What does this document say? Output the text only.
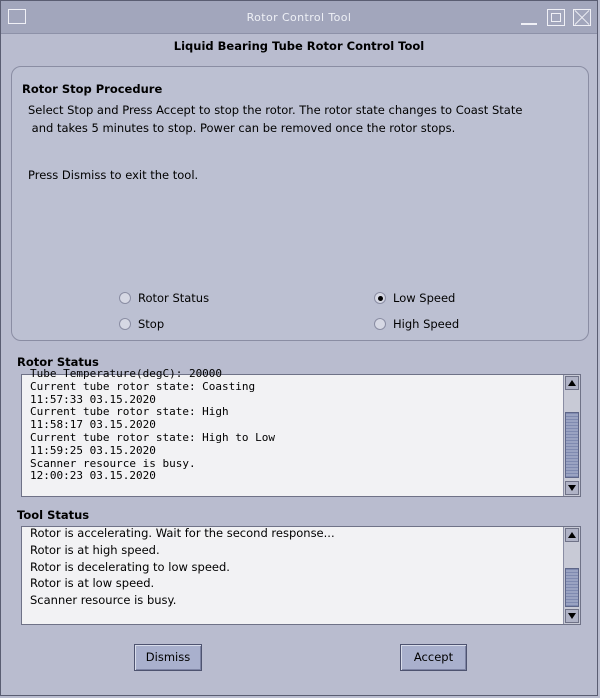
Rotor Control Tool
Liquid Bearing Tube Rotor Control Tool
Rotor Stop Procedure
Select Stop and Press Accept to stop the rotor. The rotor state changes to Coast State
and takes 5 minutes to stop. Power can be removed once the rotor stops.
Press Dismiss to exit the tool.
Rotor Status
Stop
Low Speed
High Speed
Rotor Status
Tube Temperature(degC): 20000
Current tube rotor state: Coasting
11:57:33 03.15.2020
Current tube rotor state: High
11:58:17 03.15.2020
Current tube rotor state: High to Low
11:59:25 03.15.2020
Scanner resource is busy.
12:00:23 03.15.2020
Tool Status
Rotor is accelerating. Wait for the second response...
Rotor is at high speed.
Rotor is decelerating to low speed.
Rotor is at low speed.
Scanner resource is busy.
Dismiss	Accept
